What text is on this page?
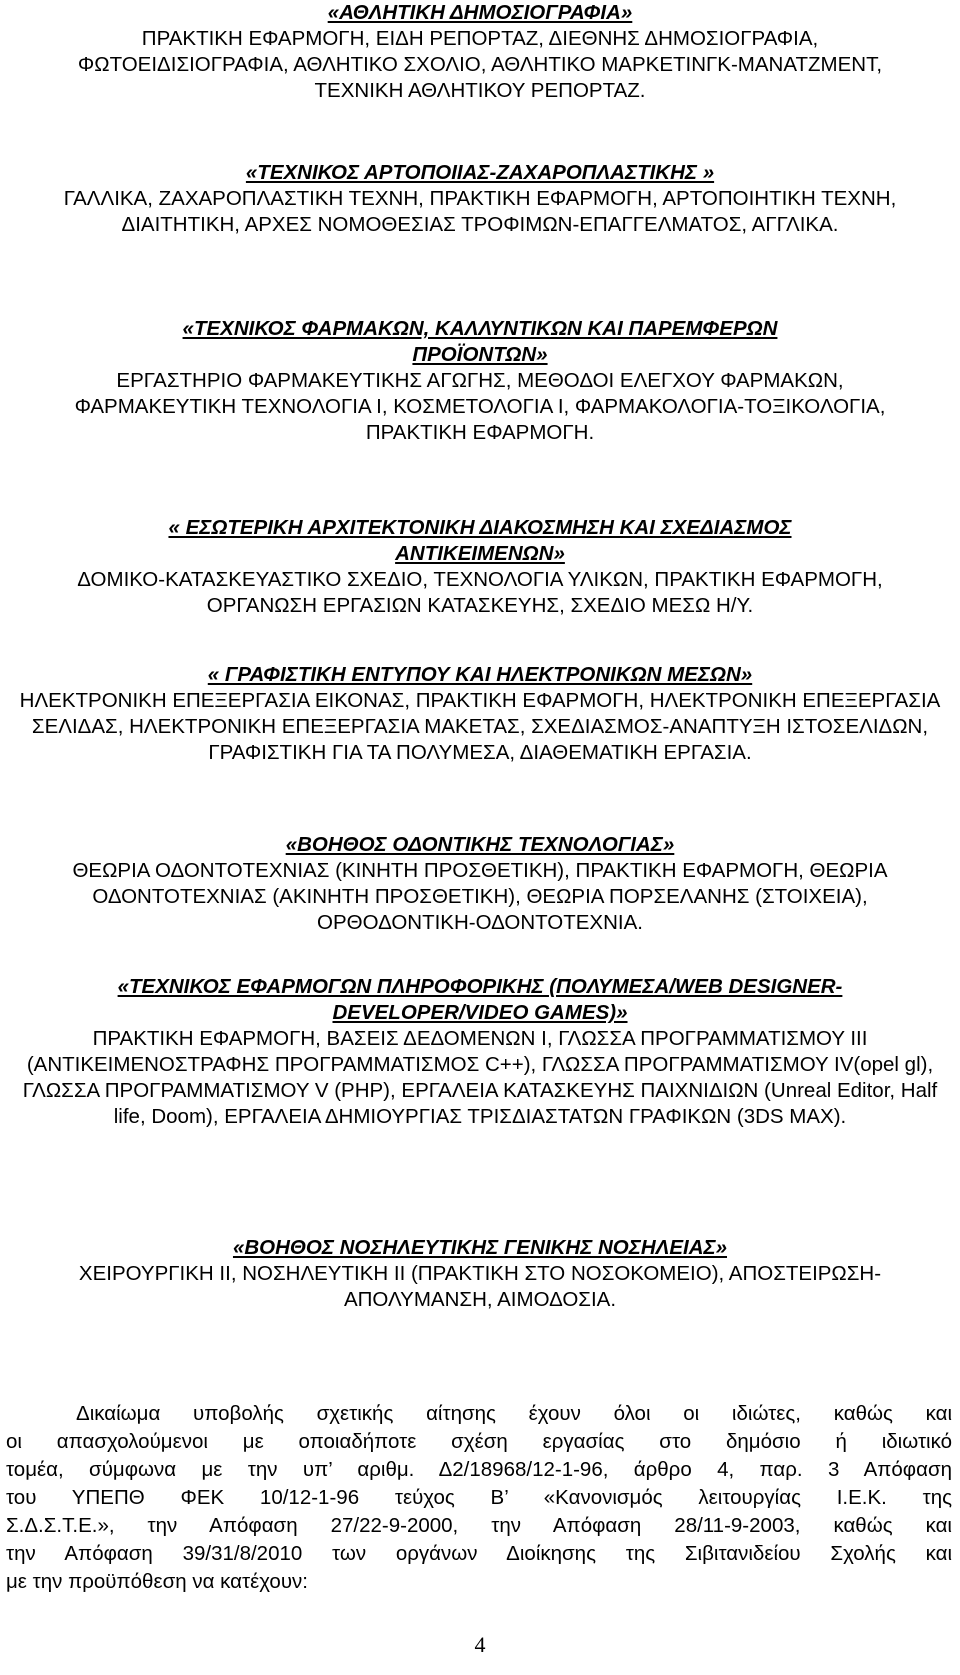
«ΑΘΛΗΤΙΚΗ ΔΗΜΟΣΙΟΓΡΑΦΙΑ»
ΠΡΑΚΤΙΚΗ ΕΦΑΡΜΟΓΗ, ΕΙΔΗ ΡΕΠΟΡΤΑΖ, ΔΙΕΘΝΗΣ ΔΗΜΟΣΙΟΓΡΑΦΙΑ, ΦΩΤΟΕΙΔΙΣΙΟΓΡΑΦΙΑ, ΑΘΛΗΤΙΚΟ ΣΧΟΛΙΟ, ΑΘΛΗΤΙΚΟ ΜΑΡΚΕΤΙΝΓΚ-ΜΑΝΑΤΖΜΕΝΤ, ΤΕΧΝΙΚΗ ΑΘΛΗΤΙΚΟΥ ΡΕΠΟΡΤΑΖ.
«ΤΕΧΝΙΚΟΣ ΑΡΤΟΠΟΙΙΑΣ-ΖΑΧΑΡΟΠΛΑΣΤΙΚΗΣ »
ΓΑΛΛΙΚΑ, ΖΑΧΑΡΟΠΛΑΣΤΙΚΗ ΤΕΧΝΗ, ΠΡΑΚΤΙΚΗ ΕΦΑΡΜΟΓΗ, ΑΡΤΟΠΟΙΗΤΙΚΗ ΤΕΧΝΗ, ΔΙΑΙΤΗΤΙΚΗ, ΑΡΧΕΣ ΝΟΜΟΘΕΣΙΑΣ ΤΡΟΦΙΜΩΝ-ΕΠΑΓΓΕΛΜΑΤΟΣ, ΑΓΓΛΙΚΑ.
«ΤΕΧΝΙΚΟΣ ΦΑΡΜΑΚΩΝ, ΚΑΛΛΥΝΤΙΚΩΝ ΚΑΙ ΠΑΡΕΜΦΕΡΩΝ ΠΡΟΪΟΝΤΩΝ»
ΕΡΓΑΣΤΗΡΙΟ ΦΑΡΜΑΚΕΥΤΙΚΗΣ ΑΓΩΓΗΣ, ΜΕΘΟΔΟΙ ΕΛΕΓΧΟΥ ΦΑΡΜΑΚΩΝ, ΦΑΡΜΑΚΕΥΤΙΚΗ ΤΕΧΝΟΛΟΓΙΑ Ι, ΚΟΣΜΕΤΟΛΟΓΙΑ Ι, ΦΑΡΜΑΚΟΛΟΓΙΑ-ΤΟΞΙΚΟΛΟΓΙΑ, ΠΡΑΚΤΙΚΗ ΕΦΑΡΜΟΓΗ.
« ΕΣΩΤΕΡΙΚΗ ΑΡΧΙΤΕΚΤΟΝΙΚΗ ΔΙΑΚΟΣΜΗΣΗ ΚΑΙ ΣΧΕΔΙΑΣΜΟΣ ΑΝΤΙΚΕΙΜΕΝΩΝ»
ΔΟΜΙΚΟ-ΚΑΤΑΣΚΕΥΑΣΤΙΚΟ ΣΧΕΔΙΟ, ΤΕΧΝΟΛΟΓΙΑ ΥΛΙΚΩΝ, ΠΡΑΚΤΙΚΗ ΕΦΑΡΜΟΓΗ, ΟΡΓΑΝΩΣΗ ΕΡΓΑΣΙΩΝ ΚΑΤΑΣΚΕΥΗΣ, ΣΧΕΔΙΟ ΜΕΣΩ Η/Υ.
« ΓΡΑΦΙΣΤΙΚΗ ΕΝΤΥΠΟΥ ΚΑΙ ΗΛΕΚΤΡΟΝΙΚΩΝ ΜΕΣΩΝ»
ΗΛΕΚΤΡΟΝΙΚΗ ΕΠΕΞΕΡΓΑΣΙΑ ΕΙΚΟΝΑΣ, ΠΡΑΚΤΙΚΗ ΕΦΑΡΜΟΓΗ, ΗΛΕΚΤΡΟΝΙΚΗ ΕΠΕΞΕΡΓΑΣΙΑ ΣΕΛΙΔΑΣ, ΗΛΕΚΤΡΟΝΙΚΗ ΕΠΕΞΕΡΓΑΣΙΑ ΜΑΚΕΤΑΣ, ΣΧΕΔΙΑΣΜΟΣ-ΑΝΑΠΤΥΞΗ ΙΣΤΟΣΕΛΙΔΩΝ, ΓΡΑΦΙΣΤΙΚΗ ΓΙΑ ΤΑ ΠΟΛΥΜΕΣΑ, ΔΙΑΘΕΜΑΤΙΚΗ ΕΡΓΑΣΙΑ.
«ΒΟΗΘΟΣ ΟΔΟΝΤΙΚΗΣ ΤΕΧΝΟΛΟΓΙΑΣ»
ΘΕΩΡΙΑ ΟΔΟΝΤΟΤΕΧΝΙΑΣ (ΚΙΝΗΤΗ ΠΡΟΣΘΕΤΙΚΗ), ΠΡΑΚΤΙΚΗ ΕΦΑΡΜΟΓΗ, ΘΕΩΡΙΑ ΟΔΟΝΤΟΤΕΧΝΙΑΣ (ΑΚΙΝΗΤΗ ΠΡΟΣΘΕΤΙΚΗ), ΘΕΩΡΙΑ ΠΟΡΣΕΛΑΝΗΣ (ΣΤΟΙΧΕΙΑ), ΟΡΘΟΔΟΝΤΙΚΗ-ΟΔΟΝΤΟΤΕΧΝΙΑ.
«ΤΕΧΝΙΚΟΣ ΕΦΑΡΜΟΓΩΝ ΠΛΗΡΟΦΟΡΙΚΗΣ (ΠΟΛΥΜΕΣΑ/WEB DESIGNER-DEVELOPER/VIDEO GAMES)»
ΠΡΑΚΤΙΚΗ ΕΦΑΡΜΟΓΗ, ΒΑΣΕΙΣ ΔΕΔΟΜΕΝΩΝ Ι, ΓΛΩΣΣΑ ΠΡΟΓΡΑΜΜΑΤΙΣΜΟΥ ΙΙΙ (ΑΝΤΙΚΕΙΜΕΝΟΣΤΡΑΦΗΣ ΠΡΟΓΡΑΜΜΑΤΙΣΜΟΣ C++), ΓΛΩΣΣΑ ΠΡΟΓΡΑΜΜΑΤΙΣΜΟΥ IV(opel gl), ΓΛΩΣΣΑ ΠΡΟΓΡΑΜΜΑΤΙΣΜΟΥ V (PHP), ΕΡΓΑΛΕΙΑ ΚΑΤΑΣΚΕΥΗΣ ΠΑΙΧΝΙΔΙΩΝ (Unreal Editor, Half life, Doom), ΕΡΓΑΛΕΙΑ ΔΗΜΙΟΥΡΓΙΑΣ ΤΡΙΣΔΙΑΣΤΑΤΩΝ ΓΡΑΦΙΚΩΝ (3DS MAX).
«ΒΟΗΘΟΣ ΝΟΣΗΛΕΥΤΙΚΗΣ ΓΕΝΙΚΗΣ ΝΟΣΗΛΕΙΑΣ»
ΧΕΙΡΟΥΡΓΙΚΗ ΙΙ, ΝΟΣΗΛΕΥΤΙΚΗ ΙΙ (ΠΡΑΚΤΙΚΗ ΣΤΟ ΝΟΣΟΚΟΜΕΙΟ), ΑΠΟΣΤΕΙΡΩΣΗ-ΑΠΟΛΥΜΑΝΣΗ, ΑΙΜΟΔΟΣΙΑ.
Δικαίωμα υποβολής σχετικής αίτησης έχουν όλοι οι ιδιώτες, καθώς και
οι απασχολούμενοι με οποιαδήποτε σχέση εργασίας στο δημόσιο ή ιδιωτικό
τομέα, σύμφωνα με την υπ’ αριθμ. Δ2/18968/12-1-96, άρθρο 4, παρ. 3 Απόφαση
του ΥΠΕΠΘ ΦΕΚ 10/12-1-96 τεύχος Β’ «Κανονισμός λειτουργίας Ι.Ε.Κ. της
Σ.Δ.Σ.Τ.Ε.», την Απόφαση 27/22-9-2000, την Απόφαση 28/11-9-2003, καθώς και
την Απόφαση 39/31/8/2010 των οργάνων Διοίκησης της Σιβιτανιδείου Σχολής και
με την προϋπόθεση να κατέχουν:
4
